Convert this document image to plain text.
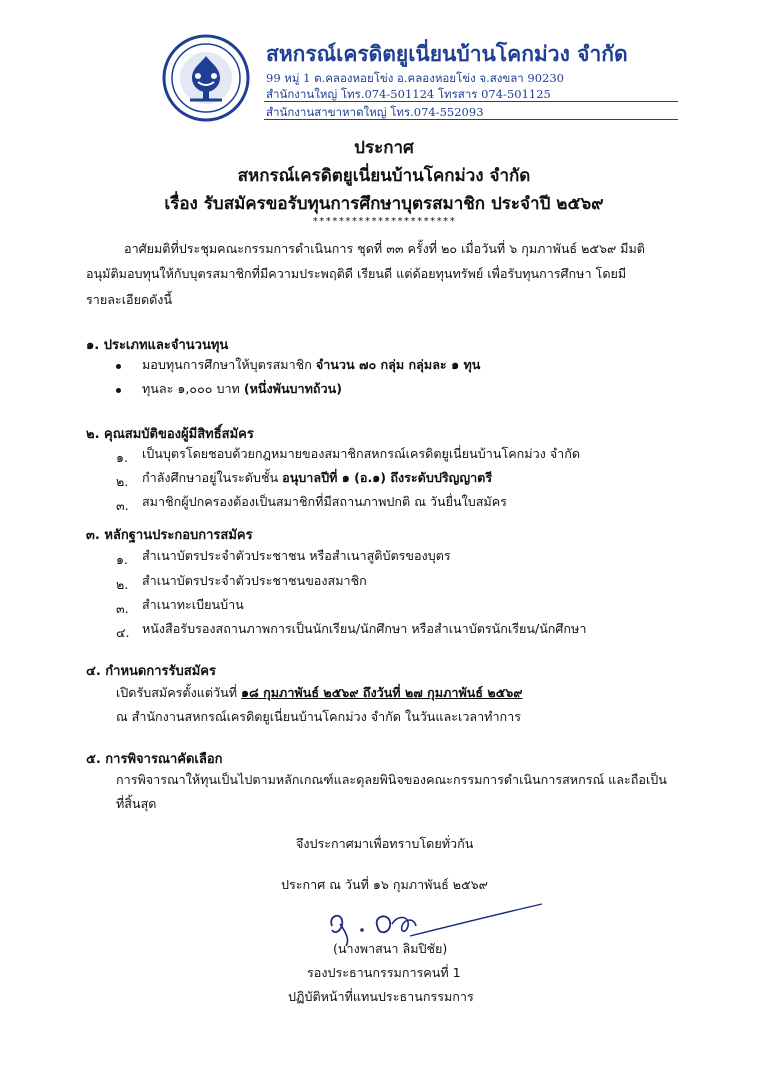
สหกรณ์เครดิตยูเนี่ยนบ้านโคกม่วง จำกัด
99 หมู่ 1 ต.คลองหอยโข่ง อ.คลองหอยโข่ง จ.สงขลา 90230
สำนักงานใหญ่ โทร.074-501124 โทรสาร 074-501125
สำนักงานสาขาหาดใหญ่ โทร.074-552093
ประกาศ
สหกรณ์เครดิตยูเนี่ยนบ้านโคกม่วง จำกัด
เรื่อง รับสมัครขอรับทุนการศึกษาบุตรสมาชิก ประจำปี ๒๕๖๙
**********************
อาศัยมติที่ประชุมคณะกรรมการดำเนินการ ชุดที่ ๓๓ ครั้งที่ ๒๐ เมื่อวันที่ ๖ กุมภาพันธ์ ๒๕๖๙ มีมติ
อนุมัติมอบทุนให้กับบุตรสมาชิกที่มีความประพฤติดี เรียนดี แต่ด้อยทุนทรัพย์ เพื่อรับทุนการศึกษา โดยมี
รายละเอียดดังนี้
๑. ประเภทและจำนวนทุน
มอบทุนการศึกษาให้บุตรสมาชิก จำนวน ๗๐ กลุ่ม กลุ่มละ ๑ ทุน
ทุนละ ๑,๐๐๐ บาท (หนึ่งพันบาทถ้วน)
๒. คุณสมบัติของผู้มีสิทธิ์สมัคร
๑. เป็นบุตรโดยชอบด้วยกฎหมายของสมาชิกสหกรณ์เครดิตยูเนี่ยนบ้านโคกม่วง จำกัด
๒. กำลังศึกษาอยู่ในระดับชั้น อนุบาลปีที่ ๑ (อ.๑) ถึงระดับปริญญาตรี
๓. สมาชิกผู้ปกครองต้องเป็นสมาชิกที่มีสถานภาพปกติ ณ วันยื่นใบสมัคร
๓. หลักฐานประกอบการสมัคร
๑. สำเนาบัตรประจำตัวประชาชน หรือสำเนาสูติบัตรของบุตร
๒. สำเนาบัตรประจำตัวประชาชนของสมาชิก
๓. สำเนาทะเบียนบ้าน
๔. หนังสือรับรองสถานภาพการเป็นนักเรียน/นักศึกษา หรือสำเนาบัตรนักเรียน/นักศึกษา
๔. กำหนดการรับสมัคร
เปิดรับสมัครตั้งแต่วันที่ ๑๘ กุมภาพันธ์ ๒๕๖๙ ถึงวันที่ ๒๗ กุมภาพันธ์ ๒๕๖๙
ณ สำนักงานสหกรณ์เครดิตยูเนี่ยนบ้านโคกม่วง จำกัด ในวันและเวลาทำการ
๕. การพิจารณาคัดเลือก
การพิจารณาให้ทุนเป็นไปตามหลักเกณฑ์และดุลยพินิจของคณะกรรมการดำเนินการสหกรณ์ และถือเป็น
ที่สิ้นสุด
จึงประกาศมาเพื่อทราบโดยทั่วกัน
ประกาศ ณ วันที่ ๑๖ กุมภาพันธ์ ๒๕๖๙
(นางพาสนา ลิมปิชัย)
รองประธานกรรมการคนที่ 1
ปฏิบัติหน้าที่แทนประธานกรรมการ
